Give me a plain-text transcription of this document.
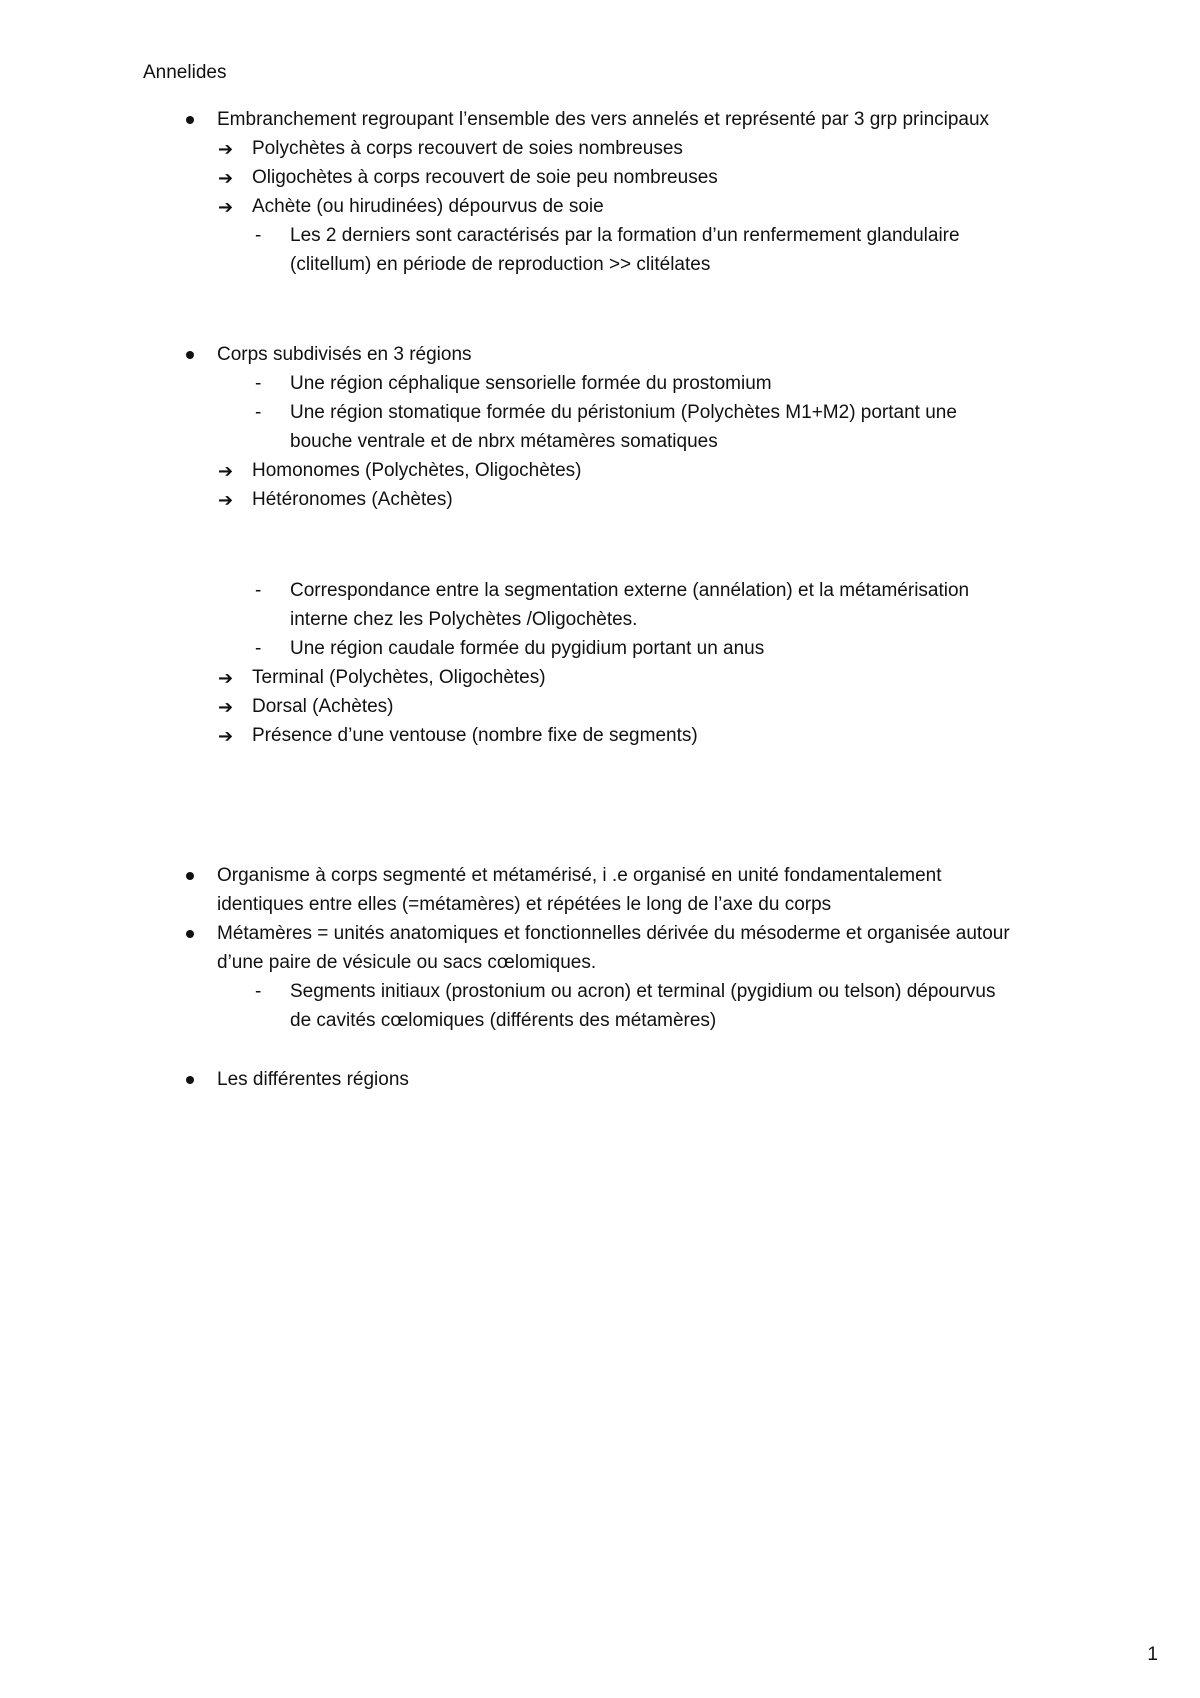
Annelides
Embranchement regroupant l’ensemble des vers annelés et représenté par 3 grp principaux
➔ Polychètes à corps recouvert de soies nombreuses
➔ Oligochètes à corps recouvert de soie peu nombreuses
➔ Achète (ou hirudinées) dépourvus de soie
- Les 2 derniers sont caractérisés par la formation d’un renfermement glandulaire
(clitellum) en période de reproduction >> clitélates
Corps subdivisés en 3 régions
- Une région céphalique sensorielle formée du prostomium
- Une région stomatique formée du péristonium (Polychètes M1+M2) portant une
bouche ventrale et de nbrx métamères somatiques
➔ Homonomes (Polychètes, Oligochètes)
➔ Hétéronomes (Achètes)
- Correspondance entre la segmentation externe (annélation) et la métamérisation
interne chez les Polychètes /Oligochètes.
- Une région caudale formée du pygidium portant un anus
➔ Terminal (Polychètes, Oligochètes)
➔ Dorsal (Achètes)
➔ Présence d’une ventouse (nombre fixe de segments)
Organisme à corps segmenté et métamérisé, i .e organisé en unité fondamentalement
identiques entre elles (=métamères) et répétées le long de l’axe du corps
Métamères = unités anatomiques et fonctionnelles dérivée du mésoderme et organisée autour
d’une paire de vésicule ou sacs cœlomiques.
- Segments initiaux (prostonium ou acron) et terminal (pygidium ou telson) dépourvus
de cavités cœlomiques (différents des métamères)
Les différentes régions
1
